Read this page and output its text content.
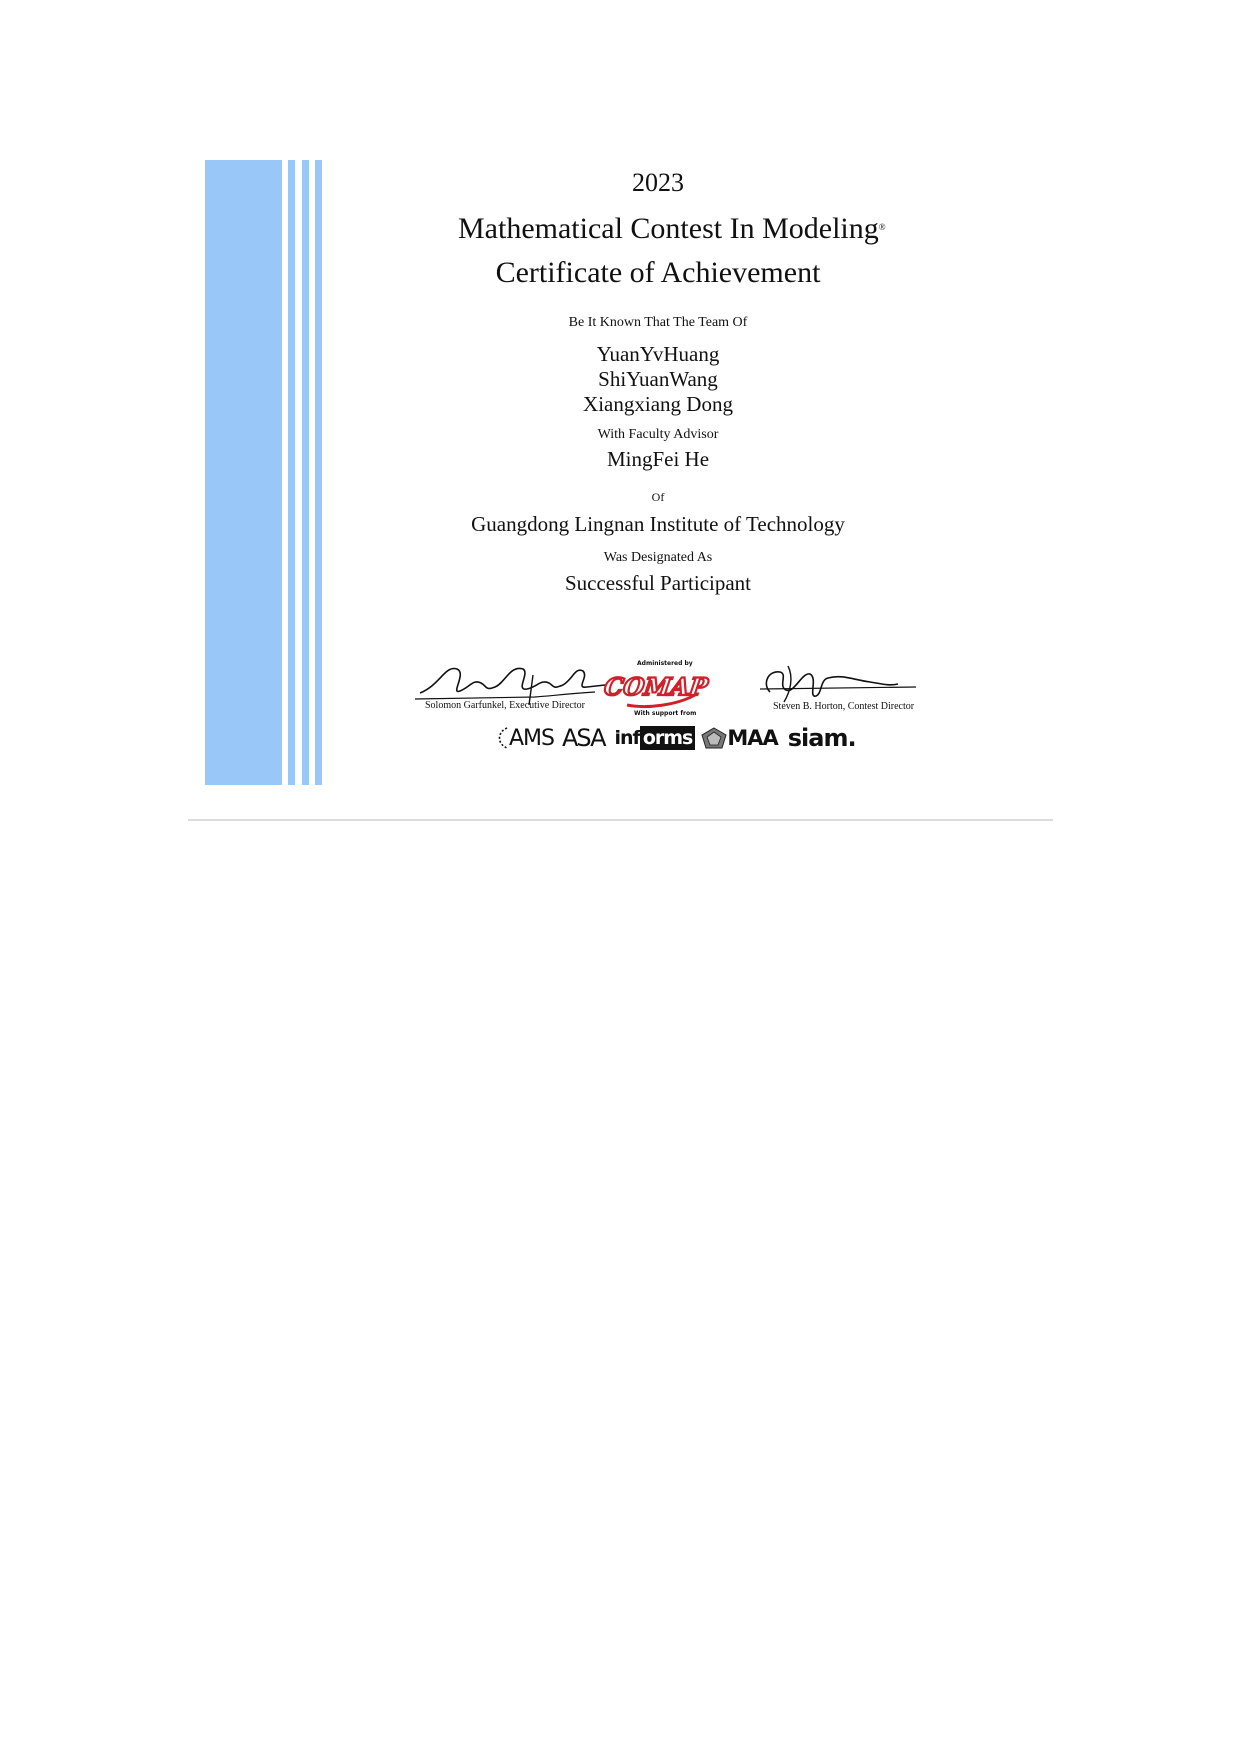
2023
Mathematical Contest In Modeling®
Certificate of Achievement
Be It Known That The Team Of
YuanYvHuang
ShiYuanWang
Xiangxiang Dong
With Faculty Advisor
MingFei He
Of
Guangdong Lingnan Institute of Technology
Was Designated As
Successful Participant
Solomon Garfunkel, Executive Director
Administered by
COMAP
With support from
Steven B. Horton, Contest Director
AMS ASA inf orms MAA siam.
